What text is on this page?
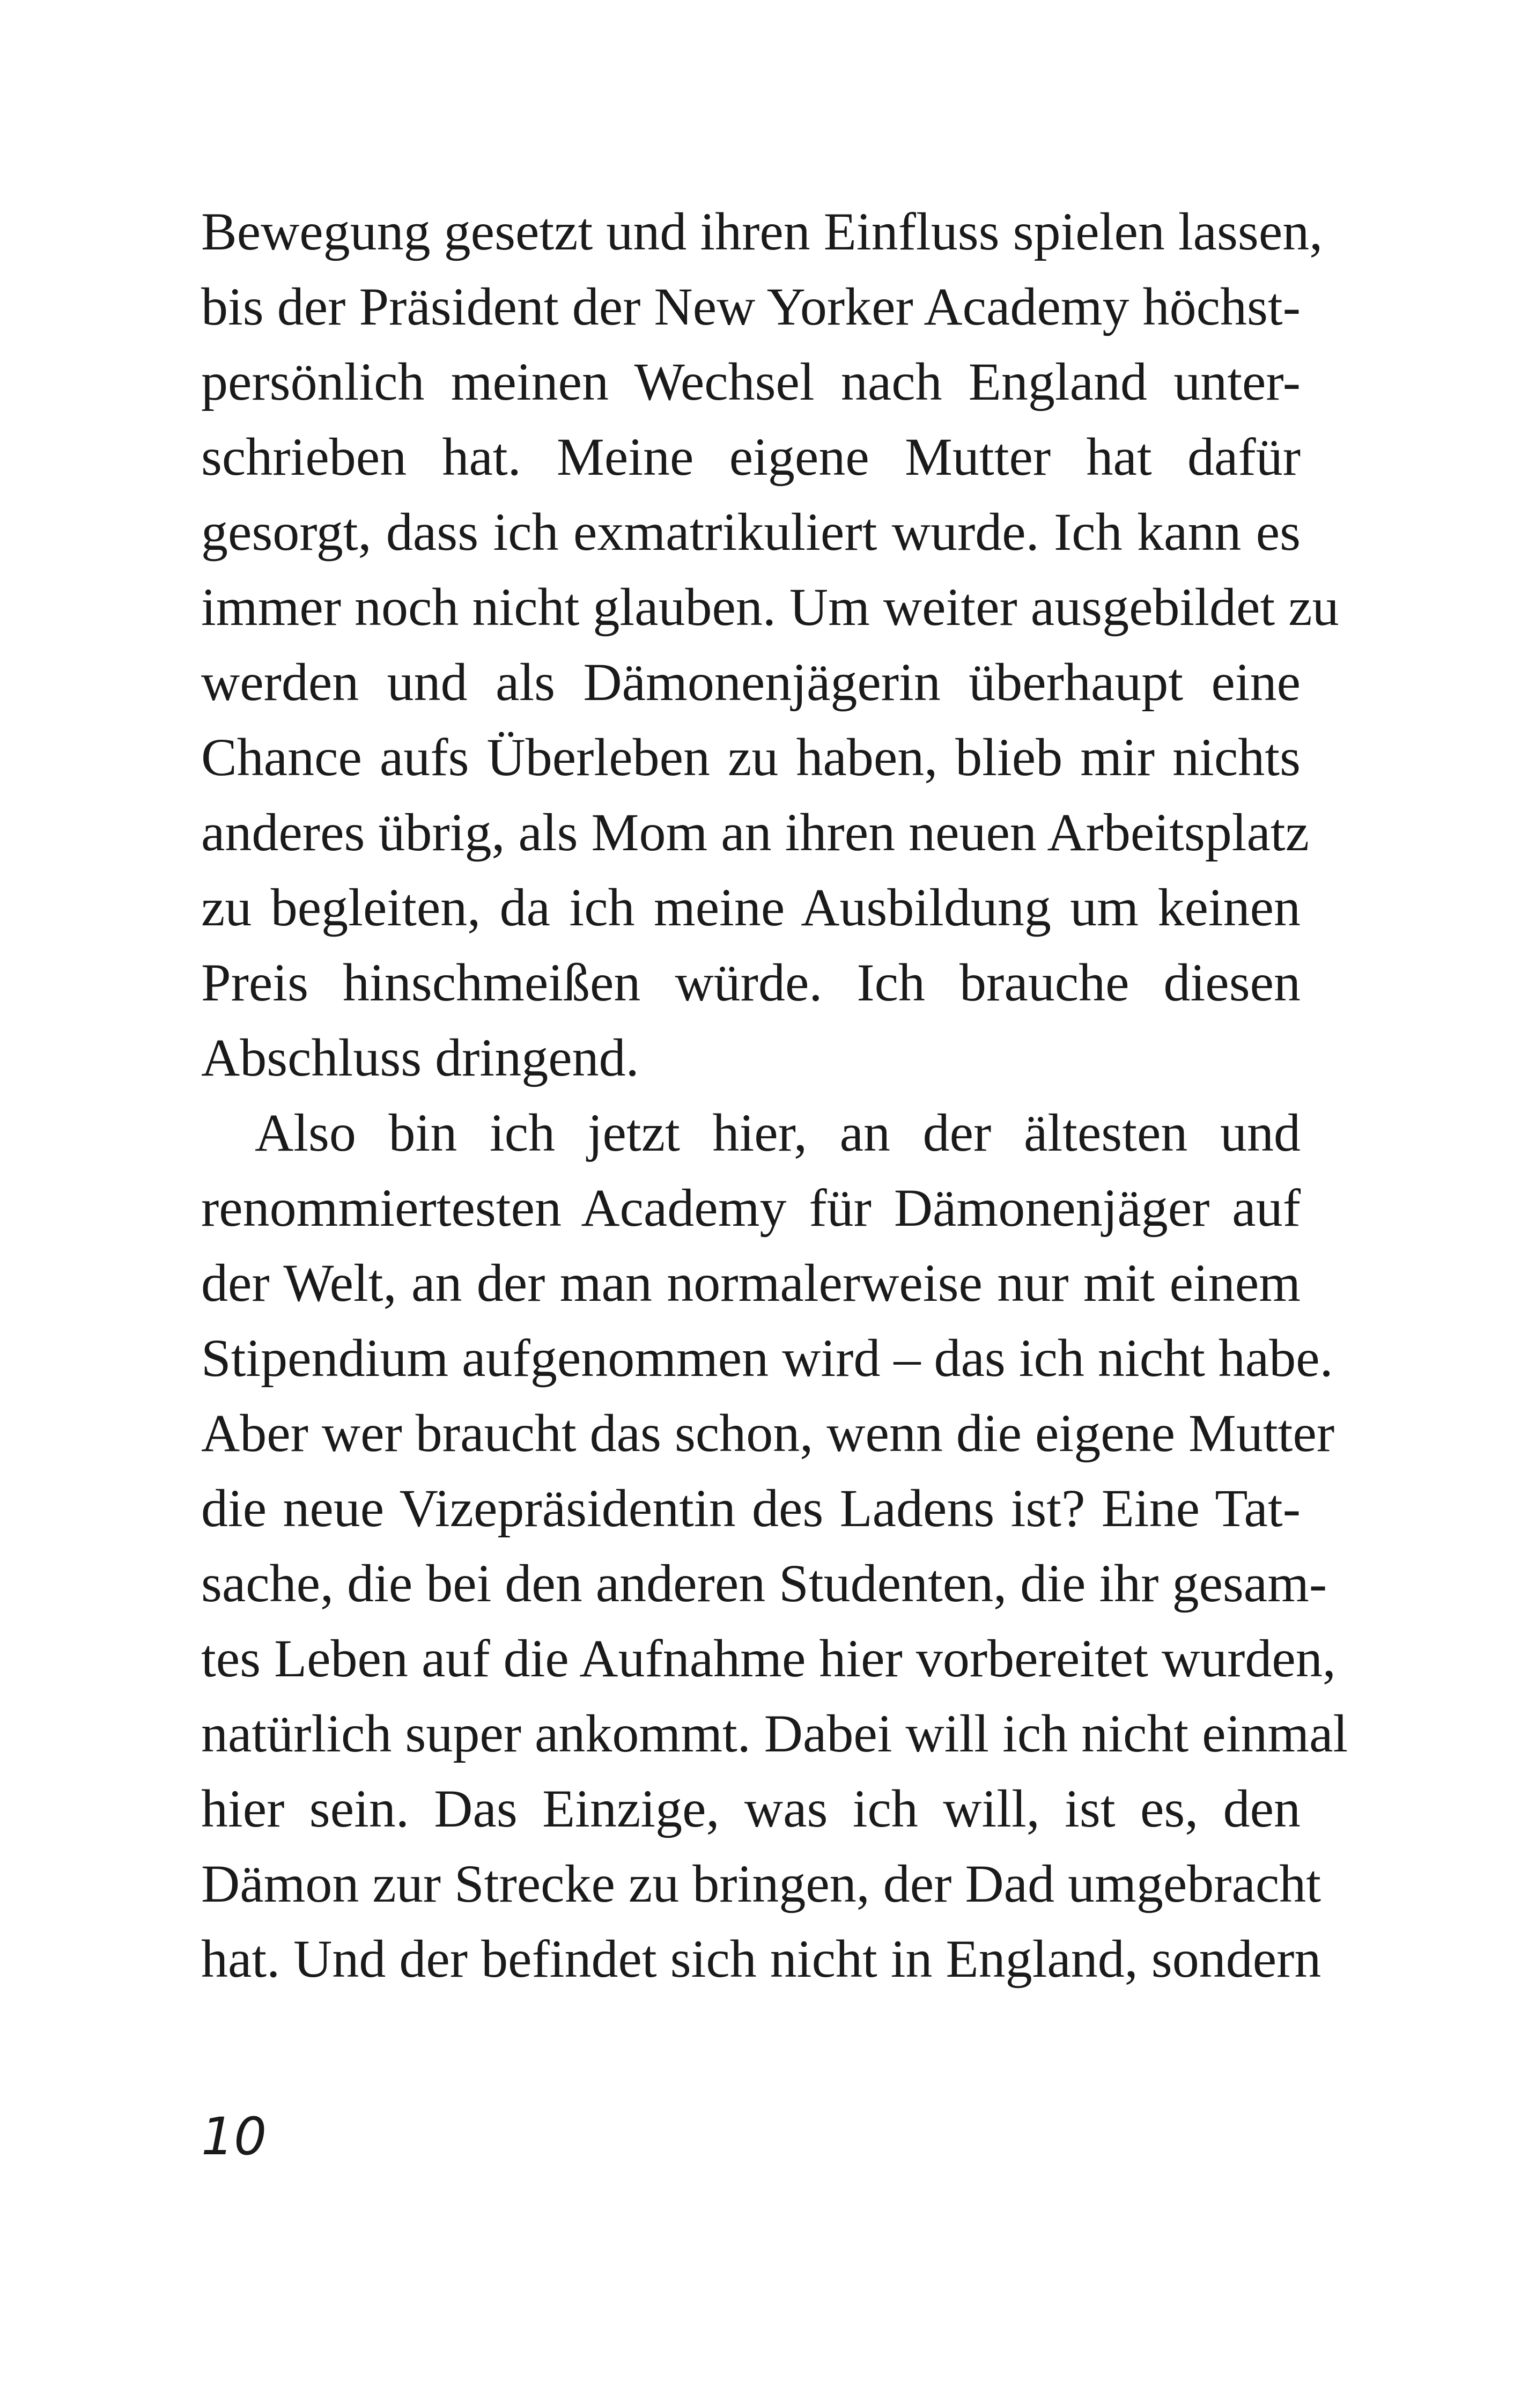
Bewegung gesetzt und ihren Einfluss spielen lassen,
bis der Präsident der New Yorker Academy höchst-
persönlich meinen Wechsel nach England unter-
schrieben hat. Meine eigene Mutter hat dafür
gesorgt, dass ich exmatrikuliert wurde. Ich kann es
immer noch nicht glauben. Um weiter ausgebildet zu
werden und als Dämonenjägerin überhaupt eine
Chance aufs Überleben zu haben, blieb mir nichts
anderes übrig, als Mom an ihren neuen Arbeitsplatz
zu begleiten, da ich meine Ausbildung um keinen
Preis hinschmeißen würde. Ich brauche diesen
Abschluss dringend.
Also bin ich jetzt hier, an der ältesten und
renommiertesten Academy für Dämonenjäger auf
der Welt, an der man normalerweise nur mit einem
Stipendium aufgenommen wird – das ich nicht habe.
Aber wer braucht das schon, wenn die eigene Mutter
die neue Vizepräsidentin des Ladens ist? Eine Tat-
sache, die bei den anderen Studenten, die ihr gesam-
tes Leben auf die Aufnahme hier vorbereitet wurden,
natürlich super ankommt. Dabei will ich nicht einmal
hier sein. Das Einzige, was ich will, ist es, den
Dämon zur Strecke zu bringen, der Dad umgebracht
hat. Und der befindet sich nicht in England, sondern
10
